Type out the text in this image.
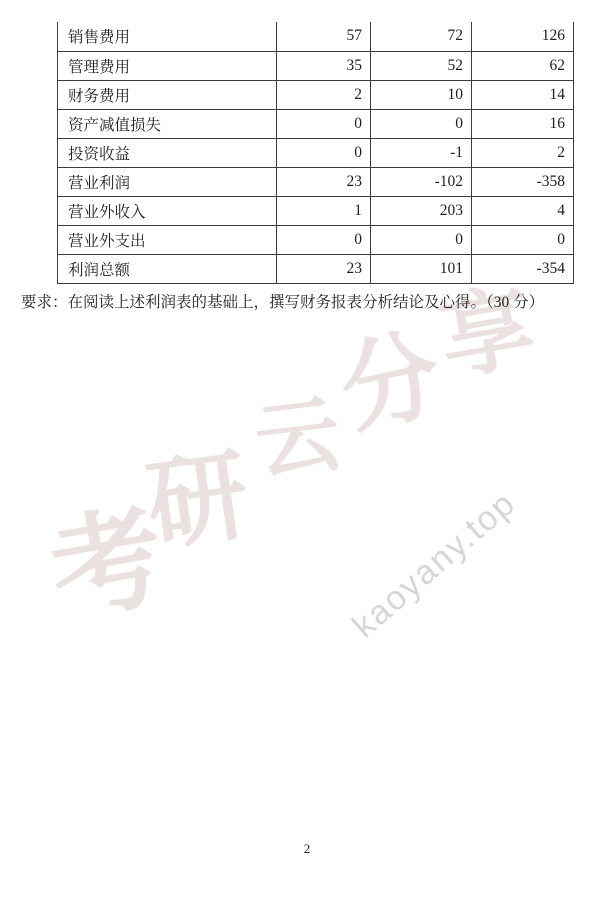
考
研
云
分
享
kaoyany.top
销售费用	57	72	126
管理费用	35	52	62
财务费用	2	10	14
资产减值损失	0	0	16
投资收益	0	-1	2
营业利润	23	-102	-358
营业外收入	1	203	4
营业外支出	0	0	0
利润总额	23	101	-354

要求：在阅读上述利润表的基础上，撰写财务报表分析结论及心得。（30 分）

2
